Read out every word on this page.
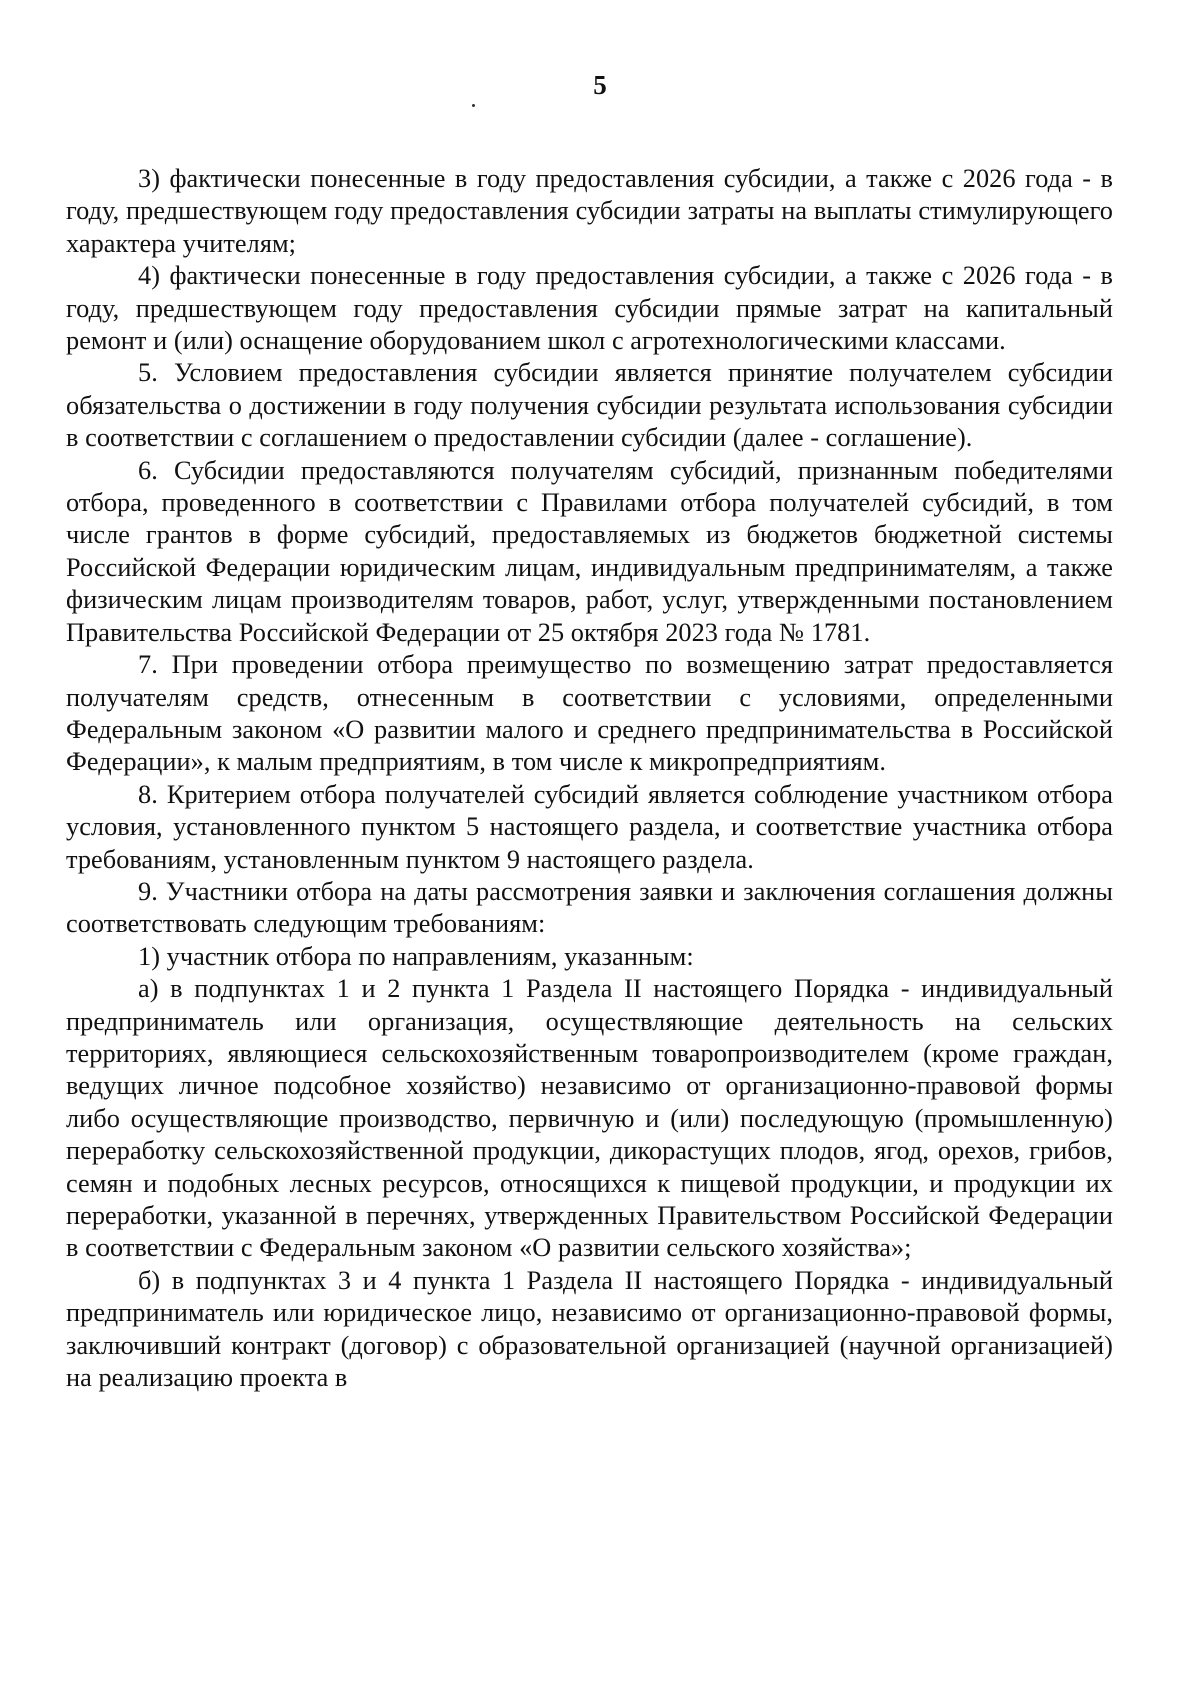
5

3) фактически понесенные в году предоставления субсидии, а также с 2026 года - в году, предшествующем году предоставления субсидии затраты на выплаты стимулирующего характера учителям;

4) фактически понесенные в году предоставления субсидии, а также с 2026 года - в году, предшествующем году предоставления субсидии прямые затрат на капитальный ремонт и (или) оснащение оборудованием школ с агротехнологическими классами.

5. Условием предоставления субсидии является принятие получателем субсидии обязательства о достижении в году получения субсидии результата использования субсидии в соответствии с соглашением о предоставлении субсидии (далее - соглашение).

6. Субсидии предоставляются получателям субсидий, признанным победителями отбора, проведенного в соответствии с Правилами отбора получателей субсидий, в том числе грантов в форме субсидий, предоставляемых из бюджетов бюджетной системы Российской Федерации юридическим лицам, индивидуальным предпринимателям, а также физическим лицам производителям товаров, работ, услуг, утвержденными постановлением Правительства Российской Федерации от 25 октября 2023 года № 1781.

7. При проведении отбора преимущество по возмещению затрат предоставляется получателям средств, отнесенным в соответствии с условиями, определенными Федеральным законом «О развитии малого и среднего предпринимательства в Российской Федерации», к малым предприятиям, в том числе к микропредприятиям.

8. Критерием отбора получателей субсидий является соблюдение участником отбора условия, установленного пунктом 5 настоящего раздела, и соответствие участника отбора требованиям, установленным пунктом 9 настоящего раздела.

9. Участники отбора на даты рассмотрения заявки и заключения соглашения должны соответствовать следующим требованиям:

1) участник отбора по направлениям, указанным:

а) в подпунктах 1 и 2 пункта 1 Раздела II настоящего Порядка - индивидуальный предприниматель или организация, осуществляющие деятельность на сельских территориях, являющиеся сельскохозяйственным товаропроизводителем (кроме граждан, ведущих личное подсобное хозяйство) независимо от организационно-правовой формы либо осуществляющие производство, первичную и (или) последующую (промышленную) переработку сельскохозяйственной продукции, дикорастущих плодов, ягод, орехов, грибов, семян и подобных лесных ресурсов, относящихся к пищевой продукции, и продукции их переработки, указанной в перечнях, утвержденных Правительством Российской Федерации в соответствии с Федеральным законом «О развитии сельского хозяйства»;

б) в подпунктах 3 и 4 пункта 1 Раздела II настоящего Порядка - индивидуальный предприниматель или юридическое лицо, независимо от организационно-правовой формы, заключивший контракт (договор) с образовательной организацией (научной организацией) на реализацию проекта в
